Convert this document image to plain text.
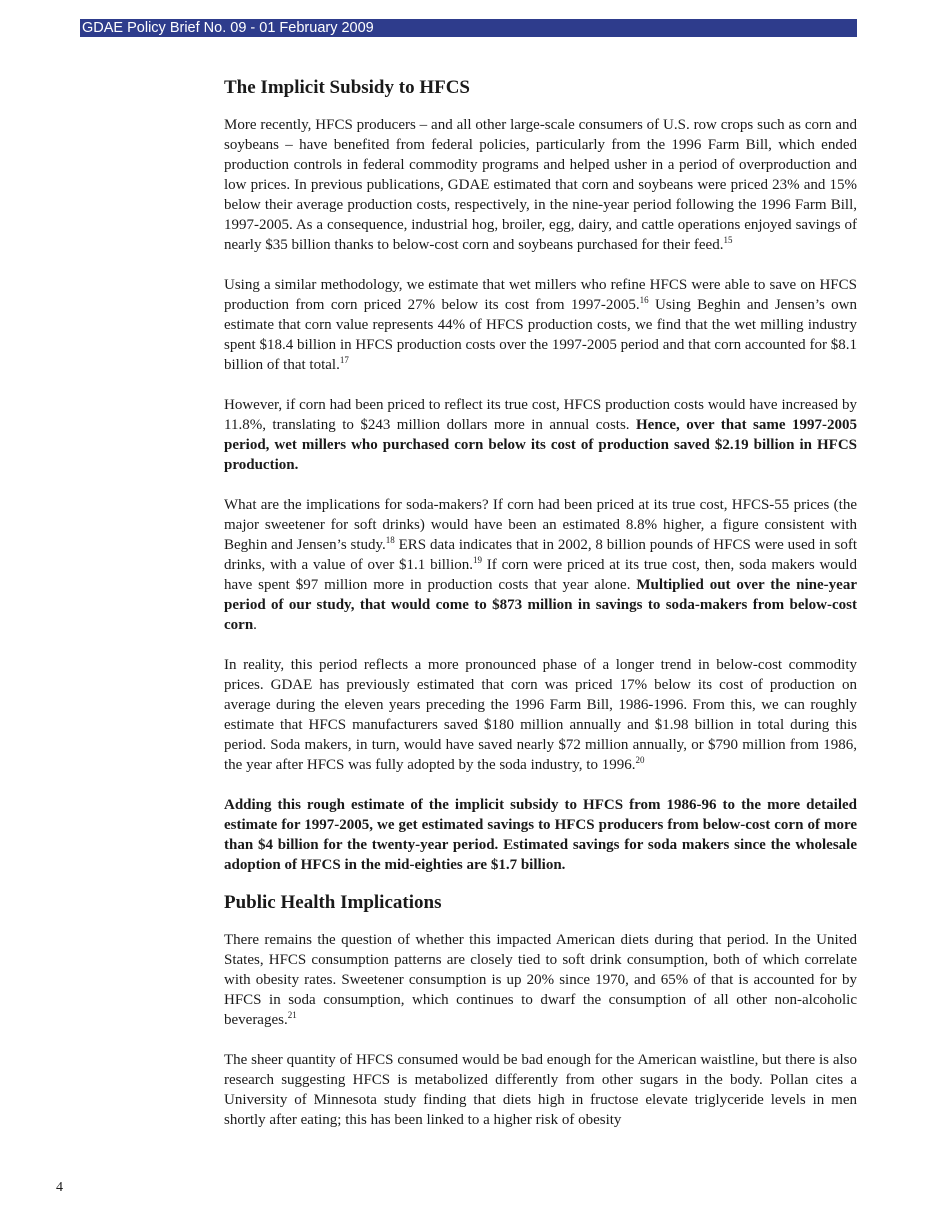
GDAE Policy Brief No. 09 - 01 February 2009
The Implicit Subsidy to HFCS

More recently, HFCS producers – and all other large-scale consumers of U.S. row crops such as corn and soybeans – have benefited from federal policies, particularly from the 1996 Farm Bill, which ended production controls in federal commodity programs and helped usher in a period of overproduction and low prices. In previous publications, GDAE estimated that corn and soybeans were priced 23% and 15% below their average production costs, respectively, in the nine-year period following the 1996 Farm Bill, 1997-2005. As a consequence, industrial hog, broiler, egg, dairy, and cattle operations enjoyed savings of nearly $35 billion thanks to below-cost corn and soybeans purchased for their feed.$^{15}$

Using a similar methodology, we estimate that wet millers who refine HFCS were able to save on HFCS production from corn priced 27% below its cost from 1997-2005.16 Using Beghin and Jensen’s own estimate that corn value represents 44% of HFCS production costs, we find that the wet milling industry spent $18.4 billion in HFCS production costs over the 1997-2005 period and that corn accounted for $8.1 billion of that total.$^{17}$

However, if corn had been priced to reflect its true cost, HFCS production costs would have increased by 11.8%, translating to $243 million dollars more in annual costs. Hence, over that same 1997-2005 period, wet millers who purchased corn below its cost of production saved $2.19 billion in HFCS production.

What are the implications for soda-makers? If corn had been priced at its true cost, HFCS-55 prices (the major sweetener for soft drinks) would have been an estimated 8.8% higher, a figure consistent with Beghin and Jensen’s study.$^{18}$ ERS data indicates that in 2002, 8 billion pounds of HFCS were used in soft drinks, with a value of over $1.1 billion.$^{19}$ If corn were priced at its true cost, then, soda makers would have spent $97 million more in production costs that year alone. Multiplied out over the nine-year period of our study, that would come to $873 million in savings to soda-makers from below-cost corn.

In reality, this period reflects a more pronounced phase of a longer trend in below-cost commodity prices. GDAE has previously estimated that corn was priced 17% below its cost of production on average during the eleven years preceding the 1996 Farm Bill, 1986-1996. From this, we can roughly estimate that HFCS manufacturers saved $180 million annually and $1.98 billion in total during this period. Soda makers, in turn, would have saved nearly $72 million annually, or $790 million from 1986, the year after HFCS was fully adopted by the soda industry, to 1996.20

Adding this rough estimate of the implicit subsidy to HFCS from 1986-96 to the more detailed estimate for 1997-2005, we get estimated savings to HFCS producers from below-cost corn of more than $4 billion for the twenty-year period. Estimated savings for soda makers since the wholesale adoption of HFCS in the mid-eighties are $1.7 billion.

Public Health Implications

There remains the question of whether this impacted American diets during that period. In the United States, HFCS consumption patterns are closely tied to soft drink consumption, both of which correlate with obesity rates. Sweetener consumption is up 20% since 1970, and 65% of that is accounted for by HFCS in soda consumption, which continues to dwarf the consumption of all other non-alcoholic beverages.$^{21}$

The sheer quantity of HFCS consumed would be bad enough for the American waistline, but there is also research suggesting HFCS is metabolized differently from other sugars in the body. Pollan cites a University of Minnesota study finding that diets high in fructose elevate triglyceride levels in men shortly after eating; this has been linked to a higher risk of obesity

4
